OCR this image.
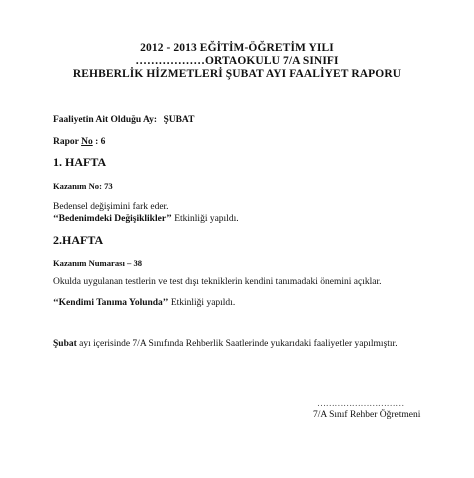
2012 - 2013 EĞİTİM-ÖĞRETİM YILI
………………ORTAOKULU 7/A SINIFI
REHBERLİK HİZMETLERİ ŞUBAT AYI FAALİYET RAPORU
Faaliyetin Ait Olduğu Ay: ŞUBAT
Rapor No : 6
1. HAFTA
Kazanım No: 73
Bedensel değişimini fark eder.
‘‘Bedenimdeki Değişiklikler’’ Etkinliği yapıldı.
2.HAFTA
Kazanım Numarası – 38
Okulda uygulanan testlerin ve test dışı tekniklerin kendini tanımadaki önemini açıklar.
‘‘Kendimi Tanıma Yolunda’’ Etkinliği yapıldı.
Şubat ayı içerisinde 7/A Sınıfında Rehberlik Saatlerinde yukarıdaki faaliyetler yapılmıştır.
…………………………
7/A Sınıf Rehber Öğretmeni
